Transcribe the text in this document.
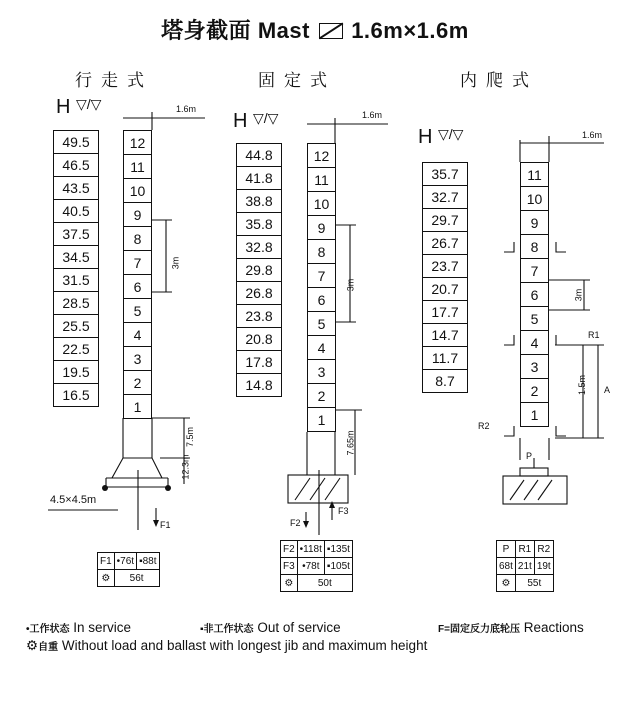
塔身截面 Mast 1.6m×1.6m
行走式	固定式	内爬式
H ▽/▽
H ▽/▽
H ▽/▽
49.5
46.5
43.5
40.5
37.5
34.5
31.5
28.5
25.5
22.5
19.5
16.5
44.8
41.8
38.8
35.8
32.8
29.8
26.8
23.8
20.8
17.8
14.8
35.7
32.7
29.7
26.7
23.7
20.7
17.7
14.7
11.7
8.7
12
11
10
9
8
7
6
5
4
3
2
1
12
11
10
9
8
7
6
5
4
3
2
1
11
10
9
8
7
6
5
4
3
2
1
1.6m
3m
7.5m
12.3m
4.5×4.5m
F1
1.6m
3m
7.65m
F2
F3
1.6m
3m
1.5m A
R1
R2
P
F1	•76t	▪88t
⚙	56t	
F2	•118t	▪135t
F3	•78t	▪105t
⚙	50t	
P	R1	R2
68t	21t	19t
⚙	55t	
•工作状态 In service	▪非工作状态 Out of service	F=固定反力底轮压 Reactions
⚙自重 Without load and ballast with longest jib and maximum height
